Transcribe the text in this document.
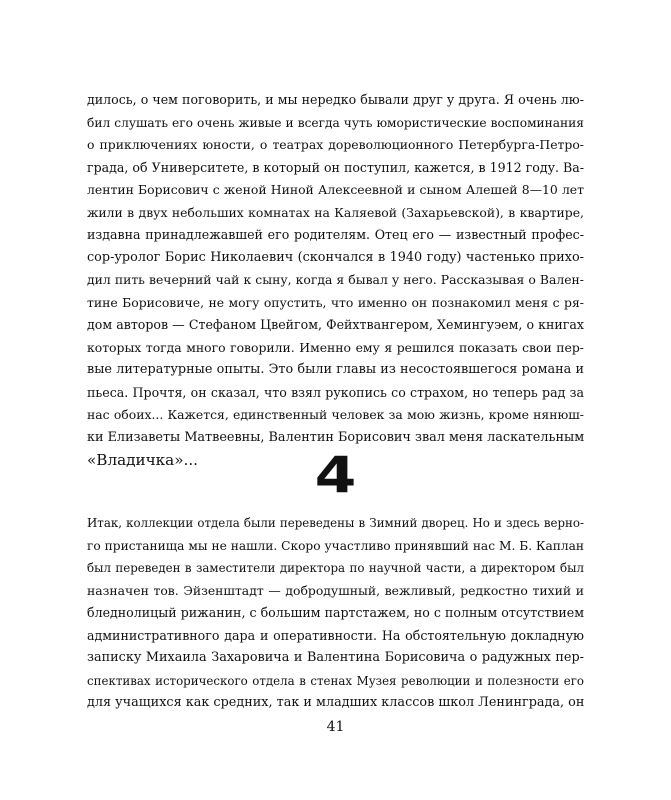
дилось, о чем поговорить, и мы нередко бывали друг у друга. Я очень лю-
бил слушать его очень живые и всегда чуть юмористические воспоминания
о приключениях юности, о театрах дореволюционного Петербурга-Петро-
града, об Университете, в который он поступил, кажется, в 1912 году. Ва-
лентин Борисович с женой Ниной Алексеевной и сыном Алешей 8—10 лет
жили в двух небольших комнатах на Каляевой (Захарьевской), в квартире,
издавна принадлежавшей его родителям. Отец его — известный профес-
сор-уролог Борис Николаевич (скончался в 1940 году) частенько прихо-
дил пить вечерний чай к сыну, когда я бывал у него. Рассказывая о Вален-
тине Борисовиче, не могу опустить, что именно он познакомил меня с ря-
дом авторов — Стефаном Цвейгом, Фейхтвангером, Хемингуэем, о книгах
которых тогда много говорили. Именно ему я решился показать свои пер-
вые литературные опыты. Это были главы из несостоявшегося романа и
пьеса. Прочтя, он сказал, что взял рукопись со страхом, но теперь рад за
нас обоих... Кажется, единственный человек за мою жизнь, кроме нянюш-
ки Елизаветы Матвеевны, Валентин Борисович звал меня ласкательным
«Владичка»...	4
Итак, коллекции отдела были переведены в Зимний дворец. Но и здесь верно-
го пристанища мы не нашли. Скоро участливо принявший нас М. Б. Каплан
был переведен в заместители директора по научной части, а директором был
назначен тов. Эйзенштадт — добродушный, вежливый, редкостно тихий и
бледнолицый рижанин, с большим партстажем, но с полным отсутствием
административного дара и оперативности. На обстоятельную докладную
записку Михаила Захаровича и Валентина Борисовича о радужных пер-
спективах исторического отдела в стенах Музея революции и полезности его
для учащихся как средних, так и младших классов школ Ленинграда, он
41
